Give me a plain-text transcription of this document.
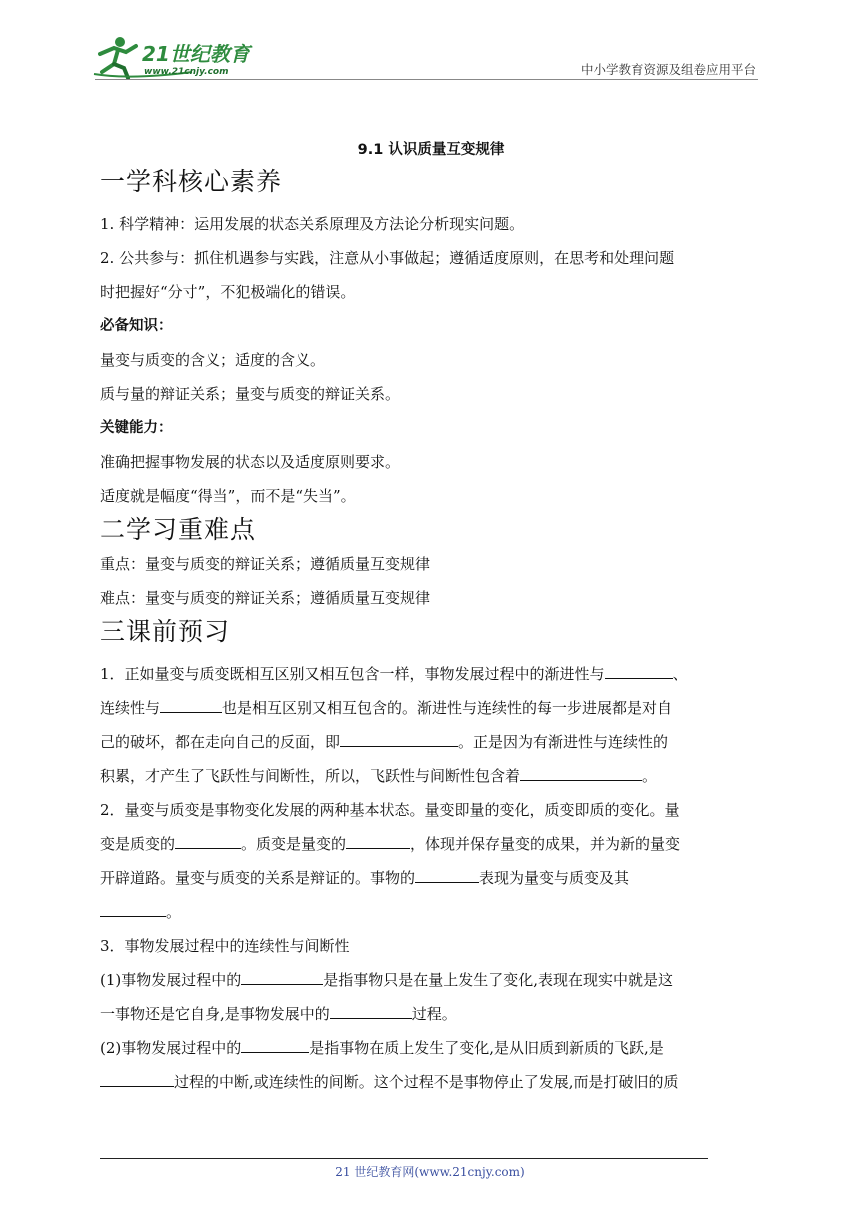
21世纪教育
www.21cnjy.com	中小学教育资源及组卷应用平台
9.1 认识质量互变规律
一学科核心素养

1. 科学精神：运用发展的状态关系原理及方法论分析现实问题。

2. 公共参与：抓住机遇参与实践，注意从小事做起；遵循适度原则，在思考和处理问题

时把握好“分寸”，不犯极端化的错误。

必备知识：

量变与质变的含义；适度的含义。

质与量的辩证关系；量变与质变的辩证关系。

关键能力：

准确把握事物发展的状态以及适度原则要求。

适度就是幅度“得当”，而不是“失当”。

二学习重难点

重点：量变与质变的辩证关系；遵循质量互变规律

难点：量变与质变的辩证关系；遵循质量互变规律

三课前预习

1．正如量变与质变既相互区别又相互包含一样，事物发展过程中的渐进性与	、

连续性与	也是相互区别又相互包含的。渐进性与连续性的每一步进展都是对自

己的破坏，都在走向自己的反面，即	。正是因为有渐进性与连续性的

积累，才产生了飞跃性与间断性，所以，飞跃性与间断性包含着	。

2．量变与质变是事物变化发展的两种基本状态。量变即量的变化，质变即质的变化。量

变是质变的	。质变是量变的	，体现并保存量变的成果，并为新的量变

开辟道路。量变与质变的关系是辩证的。事物的	表现为量变与质变及其

。

3．事物发展过程中的连续性与间断性

(1)事物发展过程中的	是指事物只是在量上发生了变化,表现在现实中就是这

一事物还是它自身,是事物发展中的	过程。

(2)事物发展过程中的	是指事物在质上发生了变化,是从旧质到新质的飞跃,是

过程的中断,或连续性的间断。这个过程不是事物停止了发展,而是打破旧的质

21 世纪教育网(www.21cnjy.com)
